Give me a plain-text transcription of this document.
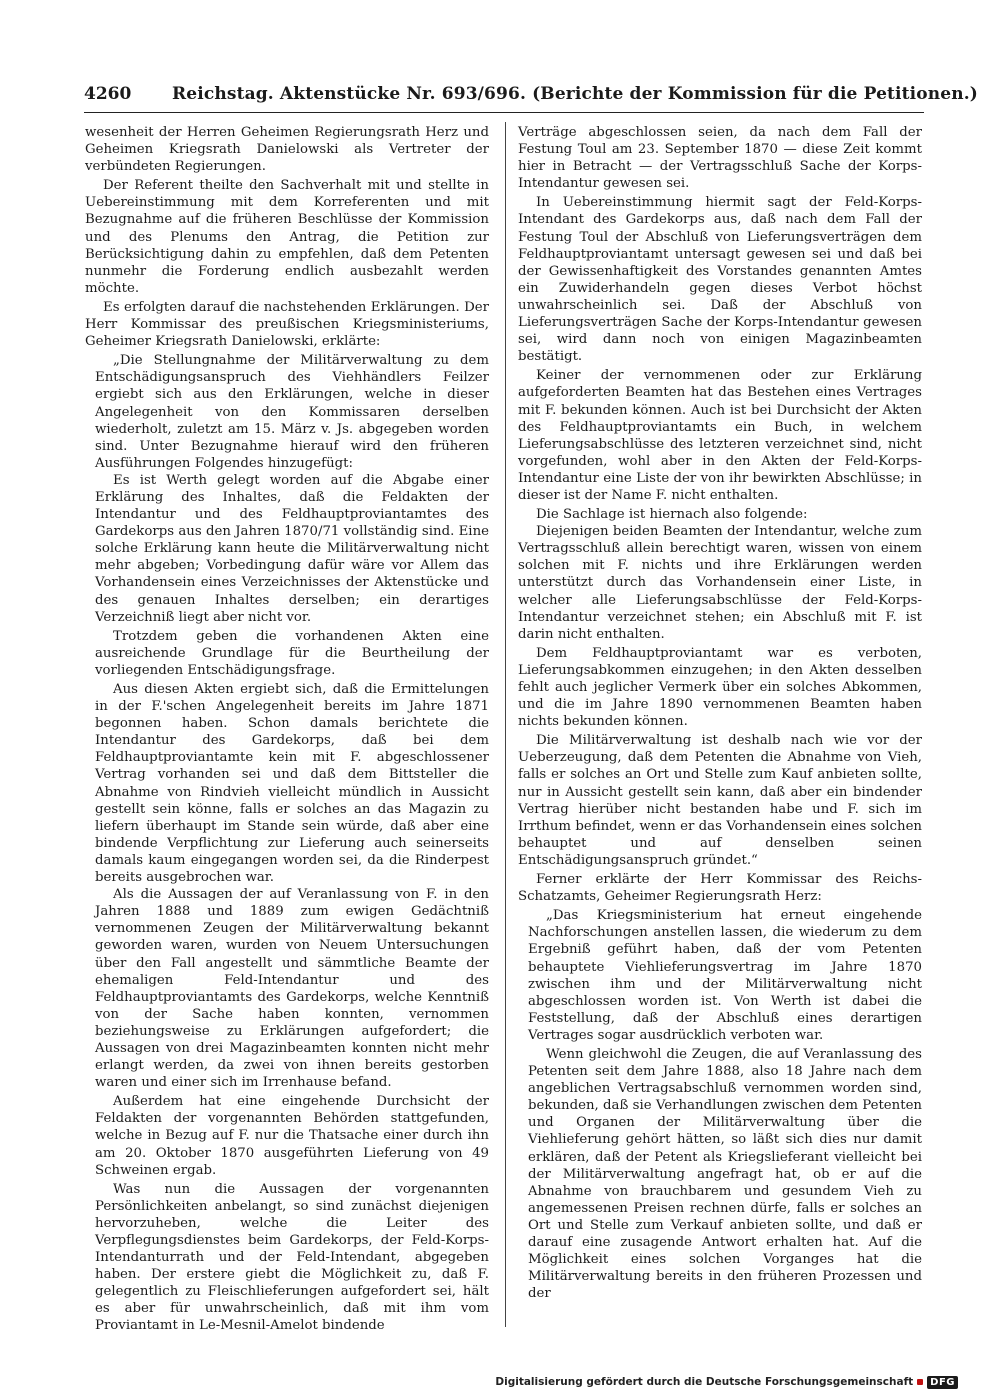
4260 Reichstag. Aktenstücke Nr. 693/696. (Berichte der Kommission für die Petitionen.)

wesenheit der Herren Geheimen Regierungsrath Herz und Geheimen Kriegsrath Danielowski als Vertreter der verbündeten Regierungen.

Der Referent theilte den Sachverhalt mit und stellte in Uebereinstimmung mit dem Korreferenten und mit Bezugnahme auf die früheren Beschlüsse der Kommission und des Plenums den Antrag, die Petition zur Berücksichtigung dahin zu empfehlen, daß dem Petenten nunmehr die Forderung endlich ausbezahlt werden möchte.

Es erfolgten darauf die nachstehenden Erklärungen. Der Herr Kommissar des preußischen Kriegsministeriums, Geheimer Kriegsrath Danielowski, erklärte:

„Die Stellungnahme der Militärverwaltung zu dem Entschädigungsanspruch des Viehhändlers Feilzer ergiebt sich aus den Erklärungen, welche in dieser Angelegenheit von den Kommissaren derselben wiederholt, zuletzt am 15. März v. Js. abgegeben worden sind. Unter Bezugnahme hierauf wird den früheren Ausführungen Folgendes hinzugefügt:

Es ist Werth gelegt worden auf die Abgabe einer Erklärung des Inhaltes, daß die Feldakten der Intendantur und des Feldhauptproviantamtes des Gardekorps aus den Jahren 1870/71 vollständig sind. Eine solche Erklärung kann heute die Militärverwaltung nicht mehr abgeben; Vorbedingung dafür wäre vor Allem das Vorhandensein eines Verzeichnisses der Aktenstücke und des genauen Inhaltes derselben; ein derartiges Verzeichniß liegt aber nicht vor.

Trotzdem geben die vorhandenen Akten eine ausreichende Grundlage für die Beurtheilung der vorliegenden Entschädigungsfrage.

Aus diesen Akten ergiebt sich, daß die Ermittelungen in der F.'schen Angelegenheit bereits im Jahre 1871 begonnen haben. Schon damals berichtete die Intendantur des Gardekorps, daß bei dem Feldhauptproviantamte kein mit F. abgeschlossener Vertrag vorhanden sei und daß dem Bittsteller die Abnahme von Rindvieh vielleicht mündlich in Aussicht gestellt sein könne, falls er solches an das Magazin zu liefern überhaupt im Stande sein würde, daß aber eine bindende Verpflichtung zur Lieferung auch seinerseits damals kaum eingegangen worden sei, da die Rinderpest bereits ausgebrochen war.

Als die Aussagen der auf Veranlassung von F. in den Jahren 1888 und 1889 zum ewigen Gedächtniß vernommenen Zeugen der Militärverwaltung bekannt geworden waren, wurden von Neuem Untersuchungen über den Fall angestellt und sämmtliche Beamte der ehemaligen Feld-Intendantur und des Feldhauptproviantamts des Gardekorps, welche Kenntniß von der Sache haben konnten, vernommen beziehungsweise zu Erklärungen aufgefordert; die Aussagen von drei Magazinbeamten konnten nicht mehr erlangt werden, da zwei von ihnen bereits gestorben waren und einer sich im Irrenhause befand.

Außerdem hat eine eingehende Durchsicht der Feldakten der vorgenannten Behörden stattgefunden, welche in Bezug auf F. nur die Thatsache einer durch ihn am 20. Oktober 1870 ausgeführten Lieferung von 49 Schweinen ergab.

Was nun die Aussagen der vorgenannten Persönlichkeiten anbelangt, so sind zunächst diejenigen hervorzuheben, welche die Leiter des Verpflegungsdienstes beim Gardekorps, der Feld-Korps-Intendanturrath und der Feld-Intendant, abgegeben haben. Der erstere giebt die Möglichkeit zu, daß F. gelegentlich zu Fleischlieferungen aufgefordert sei, hält es aber für unwahrscheinlich, daß mit ihm vom Proviantamt in Le-Mesnil-Amelot bindende

Verträge abgeschlossen seien, da nach dem Fall der Festung Toul am 23. September 1870 — diese Zeit kommt hier in Betracht — der Vertragsschluß Sache der Korps-Intendantur gewesen sei.

In Uebereinstimmung hiermit sagt der Feld-Korps-Intendant des Gardekorps aus, daß nach dem Fall der Festung Toul der Abschluß von Lieferungsverträgen dem Feldhauptproviantamt untersagt gewesen sei und daß bei der Gewissenhaftigkeit des Vorstandes genannten Amtes ein Zuwiderhandeln gegen dieses Verbot höchst unwahrscheinlich sei. Daß der Abschluß von Lieferungsverträgen Sache der Korps-Intendantur gewesen sei, wird dann noch von einigen Magazinbeamten bestätigt.

Keiner der vernommenen oder zur Erklärung aufgeforderten Beamten hat das Bestehen eines Vertrages mit F. bekunden können. Auch ist bei Durchsicht der Akten des Feldhauptproviantamts ein Buch, in welchem Lieferungsabschlüsse des letzteren verzeichnet sind, nicht vorgefunden, wohl aber in den Akten der Feld-Korps-Intendantur eine Liste der von ihr bewirkten Abschlüsse; in dieser ist der Name F. nicht enthalten.

Die Sachlage ist hiernach also folgende:

Diejenigen beiden Beamten der Intendantur, welche zum Vertragsschluß allein berechtigt waren, wissen von einem solchen mit F. nichts und ihre Erklärungen werden unterstützt durch das Vorhandensein einer Liste, in welcher alle Lieferungsabschlüsse der Feld-Korps-Intendantur verzeichnet stehen; ein Abschluß mit F. ist darin nicht enthalten.

Dem Feldhauptproviantamt war es verboten, Lieferungsabkommen einzugehen; in den Akten desselben fehlt auch jeglicher Vermerk über ein solches Abkommen, und die im Jahre 1890 vernommenen Beamten haben nichts bekunden können.

Die Militärverwaltung ist deshalb nach wie vor der Ueberzeugung, daß dem Petenten die Abnahme von Vieh, falls er solches an Ort und Stelle zum Kauf anbieten sollte, nur in Aussicht gestellt sein kann, daß aber ein bindender Vertrag hierüber nicht bestanden habe und F. sich im Irrthum befindet, wenn er das Vorhandensein eines solchen behauptet und auf denselben seinen Entschädigungsanspruch gründet.“

Ferner erklärte der Herr Kommissar des Reichs-Schatzamts, Geheimer Regierungsrath Herz:

„Das Kriegsministerium hat erneut eingehende Nachforschungen anstellen lassen, die wiederum zu dem Ergebniß geführt haben, daß der vom Petenten behauptete Viehlieferungsvertrag im Jahre 1870 zwischen ihm und der Militärverwaltung nicht abgeschlossen worden ist. Von Werth ist dabei die Feststellung, daß der Abschluß eines derartigen Vertrages sogar ausdrücklich verboten war.

Wenn gleichwohl die Zeugen, die auf Veranlassung des Petenten seit dem Jahre 1888, also 18 Jahre nach dem angeblichen Vertragsabschluß vernommen worden sind, bekunden, daß sie Verhandlungen zwischen dem Petenten und Organen der Militärverwaltung über die Viehlieferung gehört hätten, so läßt sich dies nur damit erklären, daß der Petent als Kriegslieferant vielleicht bei der Militärverwaltung angefragt hat, ob er auf die Abnahme von brauchbarem und gesundem Vieh zu angemessenen Preisen rechnen dürfe, falls er solches an Ort und Stelle zum Verkauf anbieten sollte, und daß er darauf eine zusagende Antwort erhalten hat. Auf die Möglichkeit eines solchen Vorganges hat die Militärverwaltung bereits in den früheren Prozessen und der

Digitalisierung gefördert durch die Deutsche Forschungsgemeinschaft	DFG
